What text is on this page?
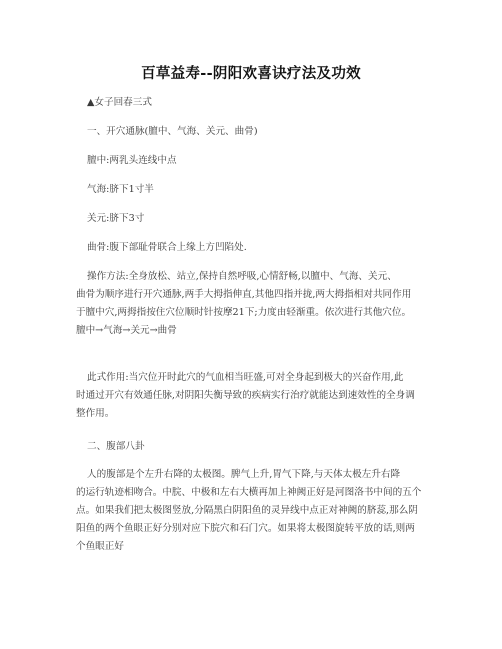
百草益寿--阴阳欢喜诀疗法及功效
▲女子回春三式
一、开穴通脉(膻中、气海、关元、曲骨)
膻中:两乳头连线中点
气海:脐下1寸半
关元:脐下3寸
曲骨:腹下部耻骨联合上缘上方凹陷处.
操作方法:全身放松、站立,保持自然呼吸,心情舒畅,以膻中、气海、关元、
曲骨为顺序进行开穴通脉,两手大拇指伸直,其他四指并拢,两大拇指相对共同作用
于膻中穴,两拇指按住穴位顺时针按摩21下;力度由轻渐重。依次进行其他穴位。
膻中→气海→关元→曲骨
此式作用:当穴位开时此穴的气血相当旺盛,可对全身起到极大的兴奋作用,此
时通过开穴有效通任脉,对阴阳失衡导致的疾病实行治疗就能达到速效性的全身调
整作用。
二、腹部八卦
人的腹部是个左升右降的太极图。脾气上升,胃气下降,与天体太极左升右降
的运行轨迹相吻合。中脘、中极和左右大横再加上神阙正好是河图洛书中间的五个
点。如果我们把太极图竖放,分隔黑白阴阳鱼的灵异线中点正对神阙的脐蕊,那么阴
阳鱼的两个鱼眼正好分别对应下脘穴和石门穴。如果将太极图旋转平放的话,则两
个鱼眼正好
